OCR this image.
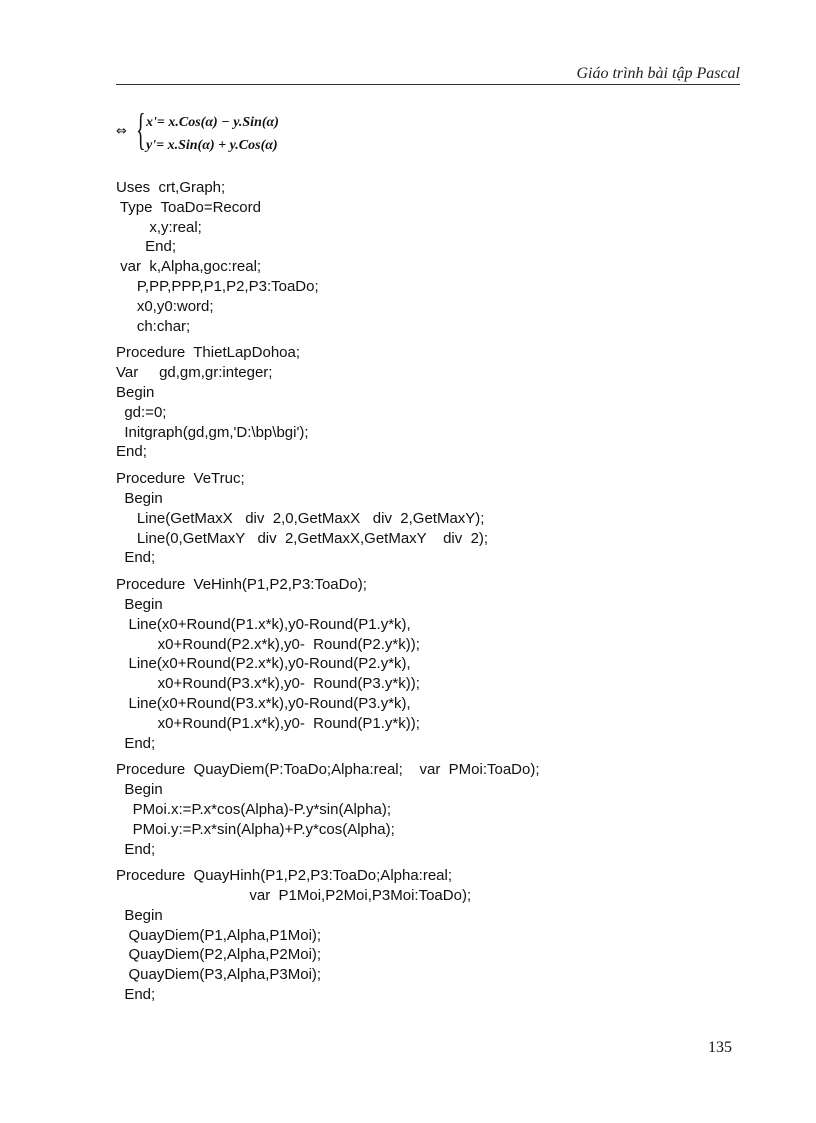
Giáo trình bài tập Pascal
⇔ { x'= x.Cos(α) − y.Sin(α)
y'= x.Sin(α) + y.Cos(α)
Uses  crt,Graph;
Type  ToaDo=Record
x,y:real;
End;
var  k,Alpha,goc:real;
P,PP,PPP,P1,P2,P3:ToaDo;
x0,y0:word;
ch:char;
Procedure  ThietLapDohoa;
Var     gd,gm,gr:integer;
Begin
gd:=0;
Initgraph(gd,gm,'D:\bp\bgi');
End;
Procedure  VeTruc;
Begin
Line(GetMaxX   div  2,0,GetMaxX   div  2,GetMaxY);
Line(0,GetMaxY   div  2,GetMaxX,GetMaxY    div  2);
End;
Procedure  VeHinh(P1,P2,P3:ToaDo);
Begin
Line(x0+Round(P1.x*k),y0-Round(P1.y*k),
x0+Round(P2.x*k),y0-  Round(P2.y*k));
Line(x0+Round(P2.x*k),y0-Round(P2.y*k),
x0+Round(P3.x*k),y0-  Round(P3.y*k));
Line(x0+Round(P3.x*k),y0-Round(P3.y*k),
x0+Round(P1.x*k),y0-  Round(P1.y*k));
End;
Procedure  QuayDiem(P:ToaDo;Alpha:real;    var  PMoi:ToaDo);
Begin
PMoi.x:=P.x*cos(Alpha)-P.y*sin(Alpha);
PMoi.y:=P.x*sin(Alpha)+P.y*cos(Alpha);
End;
Procedure  QuayHinh(P1,P2,P3:ToaDo;Alpha:real;
var  P1Moi,P2Moi,P3Moi:ToaDo);
Begin
QuayDiem(P1,Alpha,P1Moi);
QuayDiem(P2,Alpha,P2Moi);
QuayDiem(P3,Alpha,P3Moi);
End;
135
